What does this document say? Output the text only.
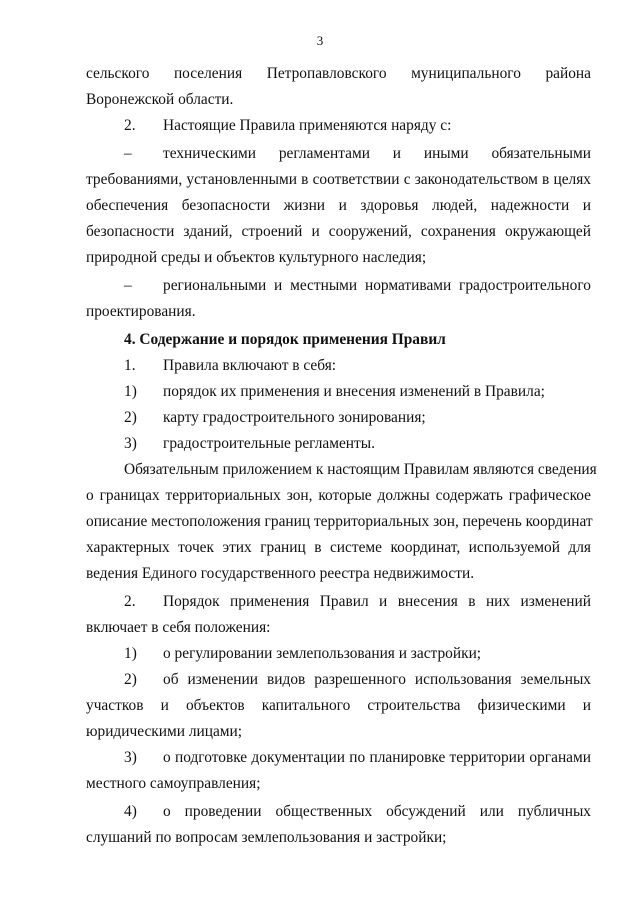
3
сельского поселения Петропавловского муниципального района
Воронежской области.
2. Настоящие Правила применяются наряду с:
– техническими регламентами и иными обязательными
требованиями, установленными в соответствии с законодательством в целях
обеспечения безопасности жизни и здоровья людей, надежности и
безопасности зданий, строений и сооружений, сохранения окружающей
природной среды и объектов культурного наследия;
– региональными и местными нормативами градостроительного
проектирования.
4. Содержание и порядок применения Правил
1. Правила включают в себя:
1) порядок их применения и внесения изменений в Правила;
2) карту градостроительного зонирования;
3) градостроительные регламенты.
Обязательным приложением к настоящим Правилам являются сведения
о границах территориальных зон, которые должны содержать графическое
описание местоположения границ территориальных зон, перечень координат
характерных точек этих границ в системе координат, используемой для
ведения Единого государственного реестра недвижимости.
2. Порядок применения Правил и внесения в них изменений
включает в себя положения:
1) о регулировании землепользования и застройки;
2) об изменении видов разрешенного использования земельных
участков и объектов капитального строительства физическими и
юридическими лицами;
3) о подготовке документации по планировке территории органами
местного самоуправления;
4) о проведении общественных обсуждений или публичных
слушаний по вопросам землепользования и застройки;
